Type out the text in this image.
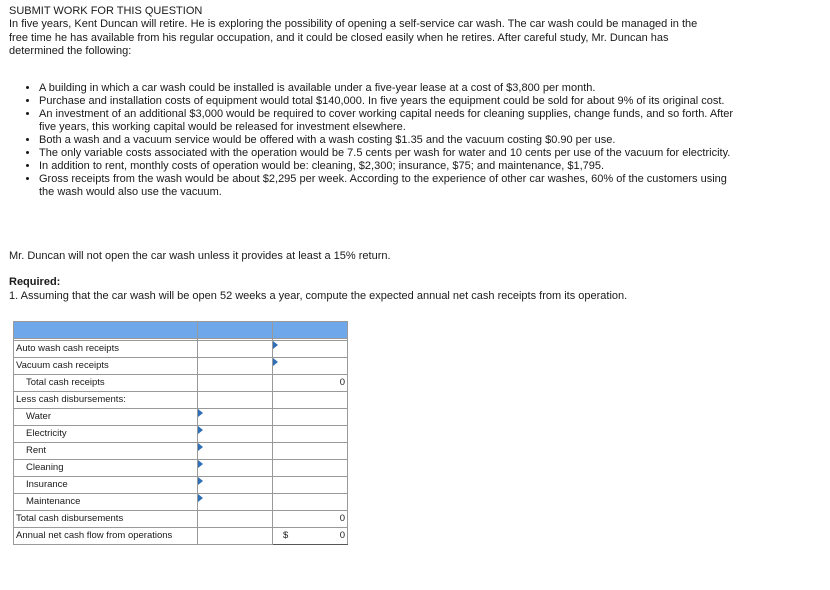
SUBMIT WORK FOR THIS QUESTION
In five years, Kent Duncan will retire. He is exploring the possibility of opening a self-service car wash. The car wash could be managed in the free time he has available from his regular occupation, and it could be closed easily when he retires. After careful study, Mr. Duncan has determined the following:
• A building in which a car wash could be installed is available under a five-year lease at a cost of $3,800 per month.
• Purchase and installation costs of equipment would total $140,000. In five years the equipment could be sold for about 9% of its original cost.
• An investment of an additional $3,000 would be required to cover working capital needs for cleaning supplies, change funds, and so forth. After five years, this working capital would be released for investment elsewhere.
• Both a wash and a vacuum service would be offered with a wash costing $1.35 and the vacuum costing $0.90 per use.
• The only variable costs associated with the operation would be 7.5 cents per wash for water and 10 cents per use of the vacuum for electricity.
• In addition to rent, monthly costs of operation would be: cleaning, $2,300; insurance, $75; and maintenance, $1,795.
• Gross receipts from the wash would be about $2,295 per week. According to the experience of other car washes, 60% of the customers using the wash would also use the vacuum.
Mr. Duncan will not open the car wash unless it provides at least a 15% return.
Required:
1. Assuming that the car wash will be open 52 weeks a year, compute the expected annual net cash receipts from its operation.

Auto wash cash receipts		

Vacuum cash receipts		

Total cash receipts		0
Less cash disbursements:		
Water	

Electricity	

Rent	

Cleaning	

Insurance	

Maintenance	

Total cash disbursements		0
Annual net cash flow from operations		$ 0
